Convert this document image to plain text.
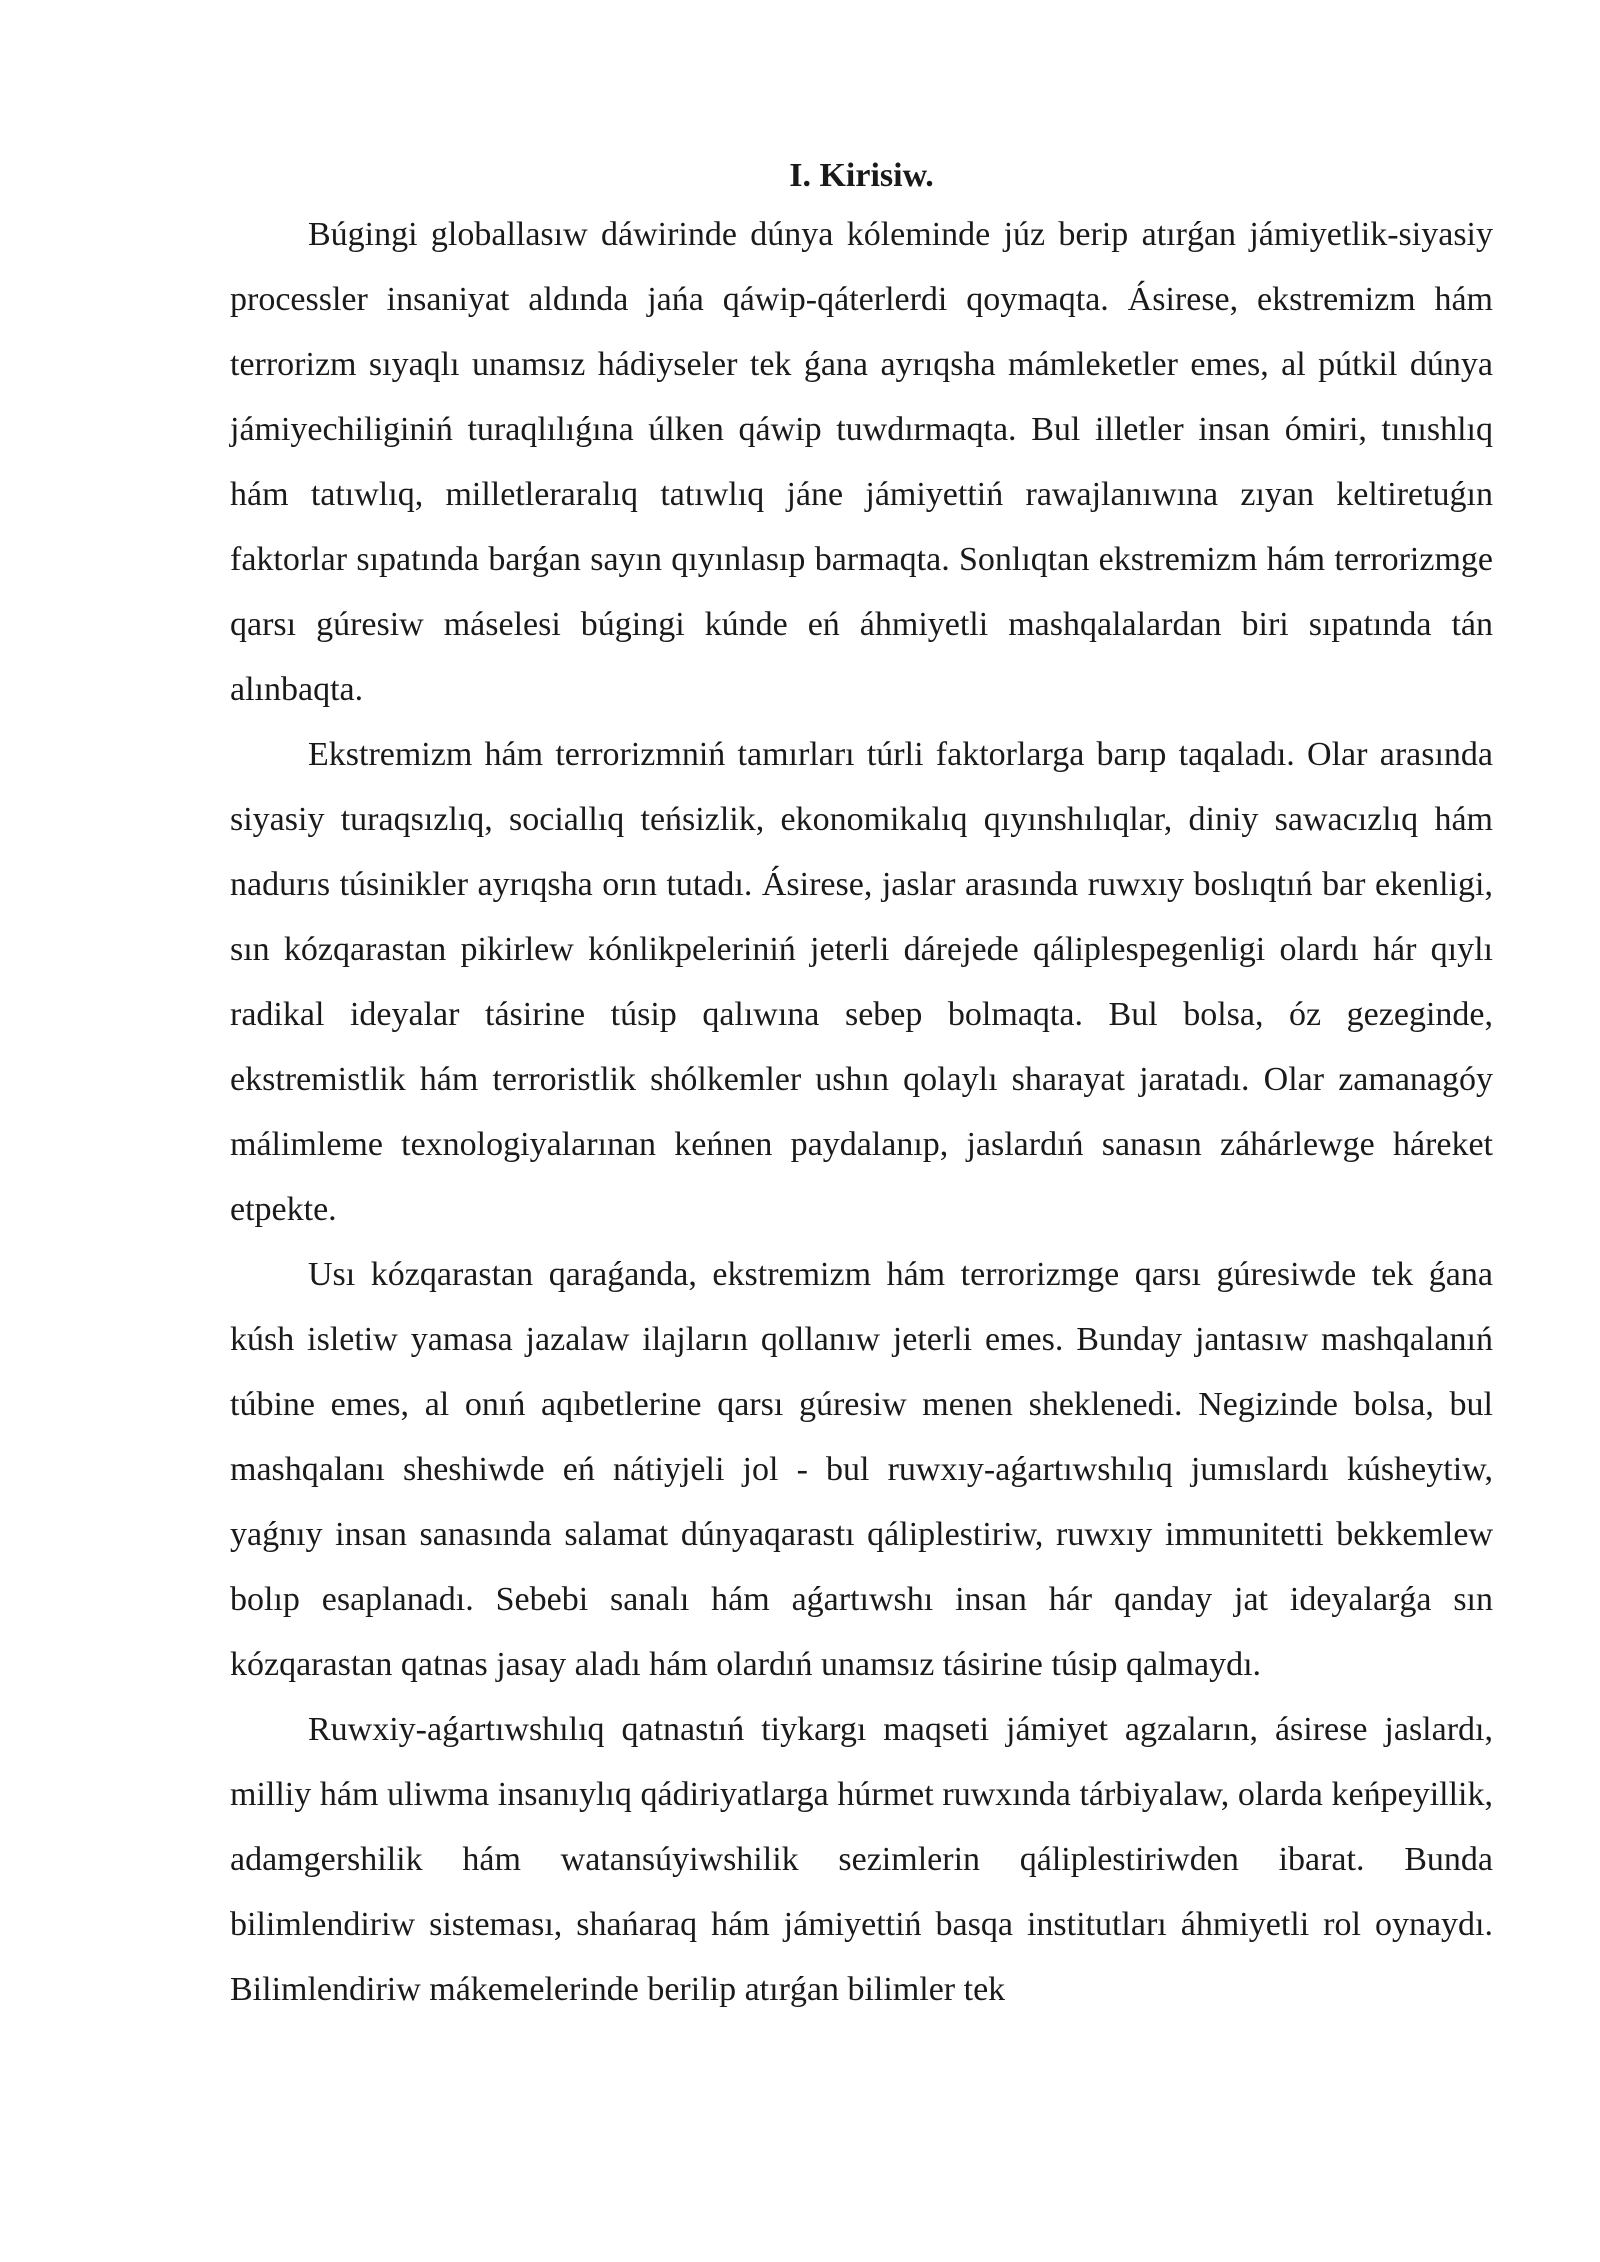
I. Kirisiw.

Búgingi globallasıw dáwirinde dúnya kóleminde júz berip atırǵan jámiyetlik-siyasiy processler insaniyat aldında jańa qáwip-qáterlerdi qoymaqta. Ásirese, ekstremizm hám terrorizm sıyaqlı unamsız hádiyseler tek ǵana ayrıqsha mámleketler emes, al pútkil dúnya jámiyechiliginiń turaqlılıǵına úlken qáwip tuwdırmaqta. Bul illetler insan ómiri, tınıshlıq hám tatıwlıq, milletleraralıq tatıwlıq jáne jámiyettiń rawajlanıwına zıyan keltiretuǵın faktorlar sıpatında barǵan sayın qıyınlasıp barmaqta. Sonlıqtan ekstremizm hám terrorizmge qarsı gúresiw máselesi búgingi kúnde eń áhmiyetli mashqalalardan biri sıpatında tán alınbaqta.

Ekstremizm hám terrorizmniń tamırları túrli faktorlarga barıp taqaladı. Olar arasında siyasiy turaqsızlıq, sociallıq teńsizlik, ekonomikalıq qıyınshılıqlar, diniy sawacızlıq hám nadurıs túsinikler ayrıqsha orın tutadı. Ásirese, jaslar arasında ruwxıy boslıqtıń bar ekenligi, sın kózqarastan pikirlew kónlikpeleriniń jeterli dárejede qáliplespegenligi olardı hár qıylı radikal ideyalar tásirine túsip qalıwına sebep bolmaqta. Bul bolsa, óz gezeginde, ekstremistlik hám terroristlik shólkemler ushın qolaylı sharayat jaratadı. Olar zamanagóy málimleme texnologiyalarınan keńnen paydalanıp, jaslardıń sanasın záhárlewge háreket etpekte.

Usı kózqarastan qaraǵanda, ekstremizm hám terrorizmge qarsı gúresiwde tek ǵana kúsh isletiw yamasa jazalaw ilajların qollanıw jeterli emes. Bunday jantasıw mashqalanıń túbine emes, al onıń aqıbetlerine qarsı gúresiw menen sheklenedi. Negizinde bolsa, bul mashqalanı sheshiwde eń nátiyjeli jol - bul ruwxıy-aǵartıwshılıq jumıslardı kúsheytiw, yaǵnıy insan sanasında salamat dúnyaqarastı qáliplestiriw, ruwxıy immunitetti bekkemlew bolıp esaplanadı. Sebebi sanalı hám aǵartıwshı insan hár qanday jat ideyalarǵa sın kózqarastan qatnas jasay aladı hám olardıń unamsız tásirine túsip qalmaydı.

Ruwxiy-aǵartıwshılıq qatnastıń tiykargı maqseti jámiyet agzaların, ásirese jaslardı, milliy hám uliwma insanıylıq qádiriyatlarga húrmet ruwxında tárbiyalaw, olarda keńpeyillik, adamgershilik hám watansúyiwshilik sezimlerin qáliplestiriwden ibarat. Bunda bilimlendiriw sisteması, shańaraq hám jámiyettiń basqa institutları áhmiyetli rol oynaydı. Bilimlendiriw mákemelerinde berilip atırǵan bilimler tek
